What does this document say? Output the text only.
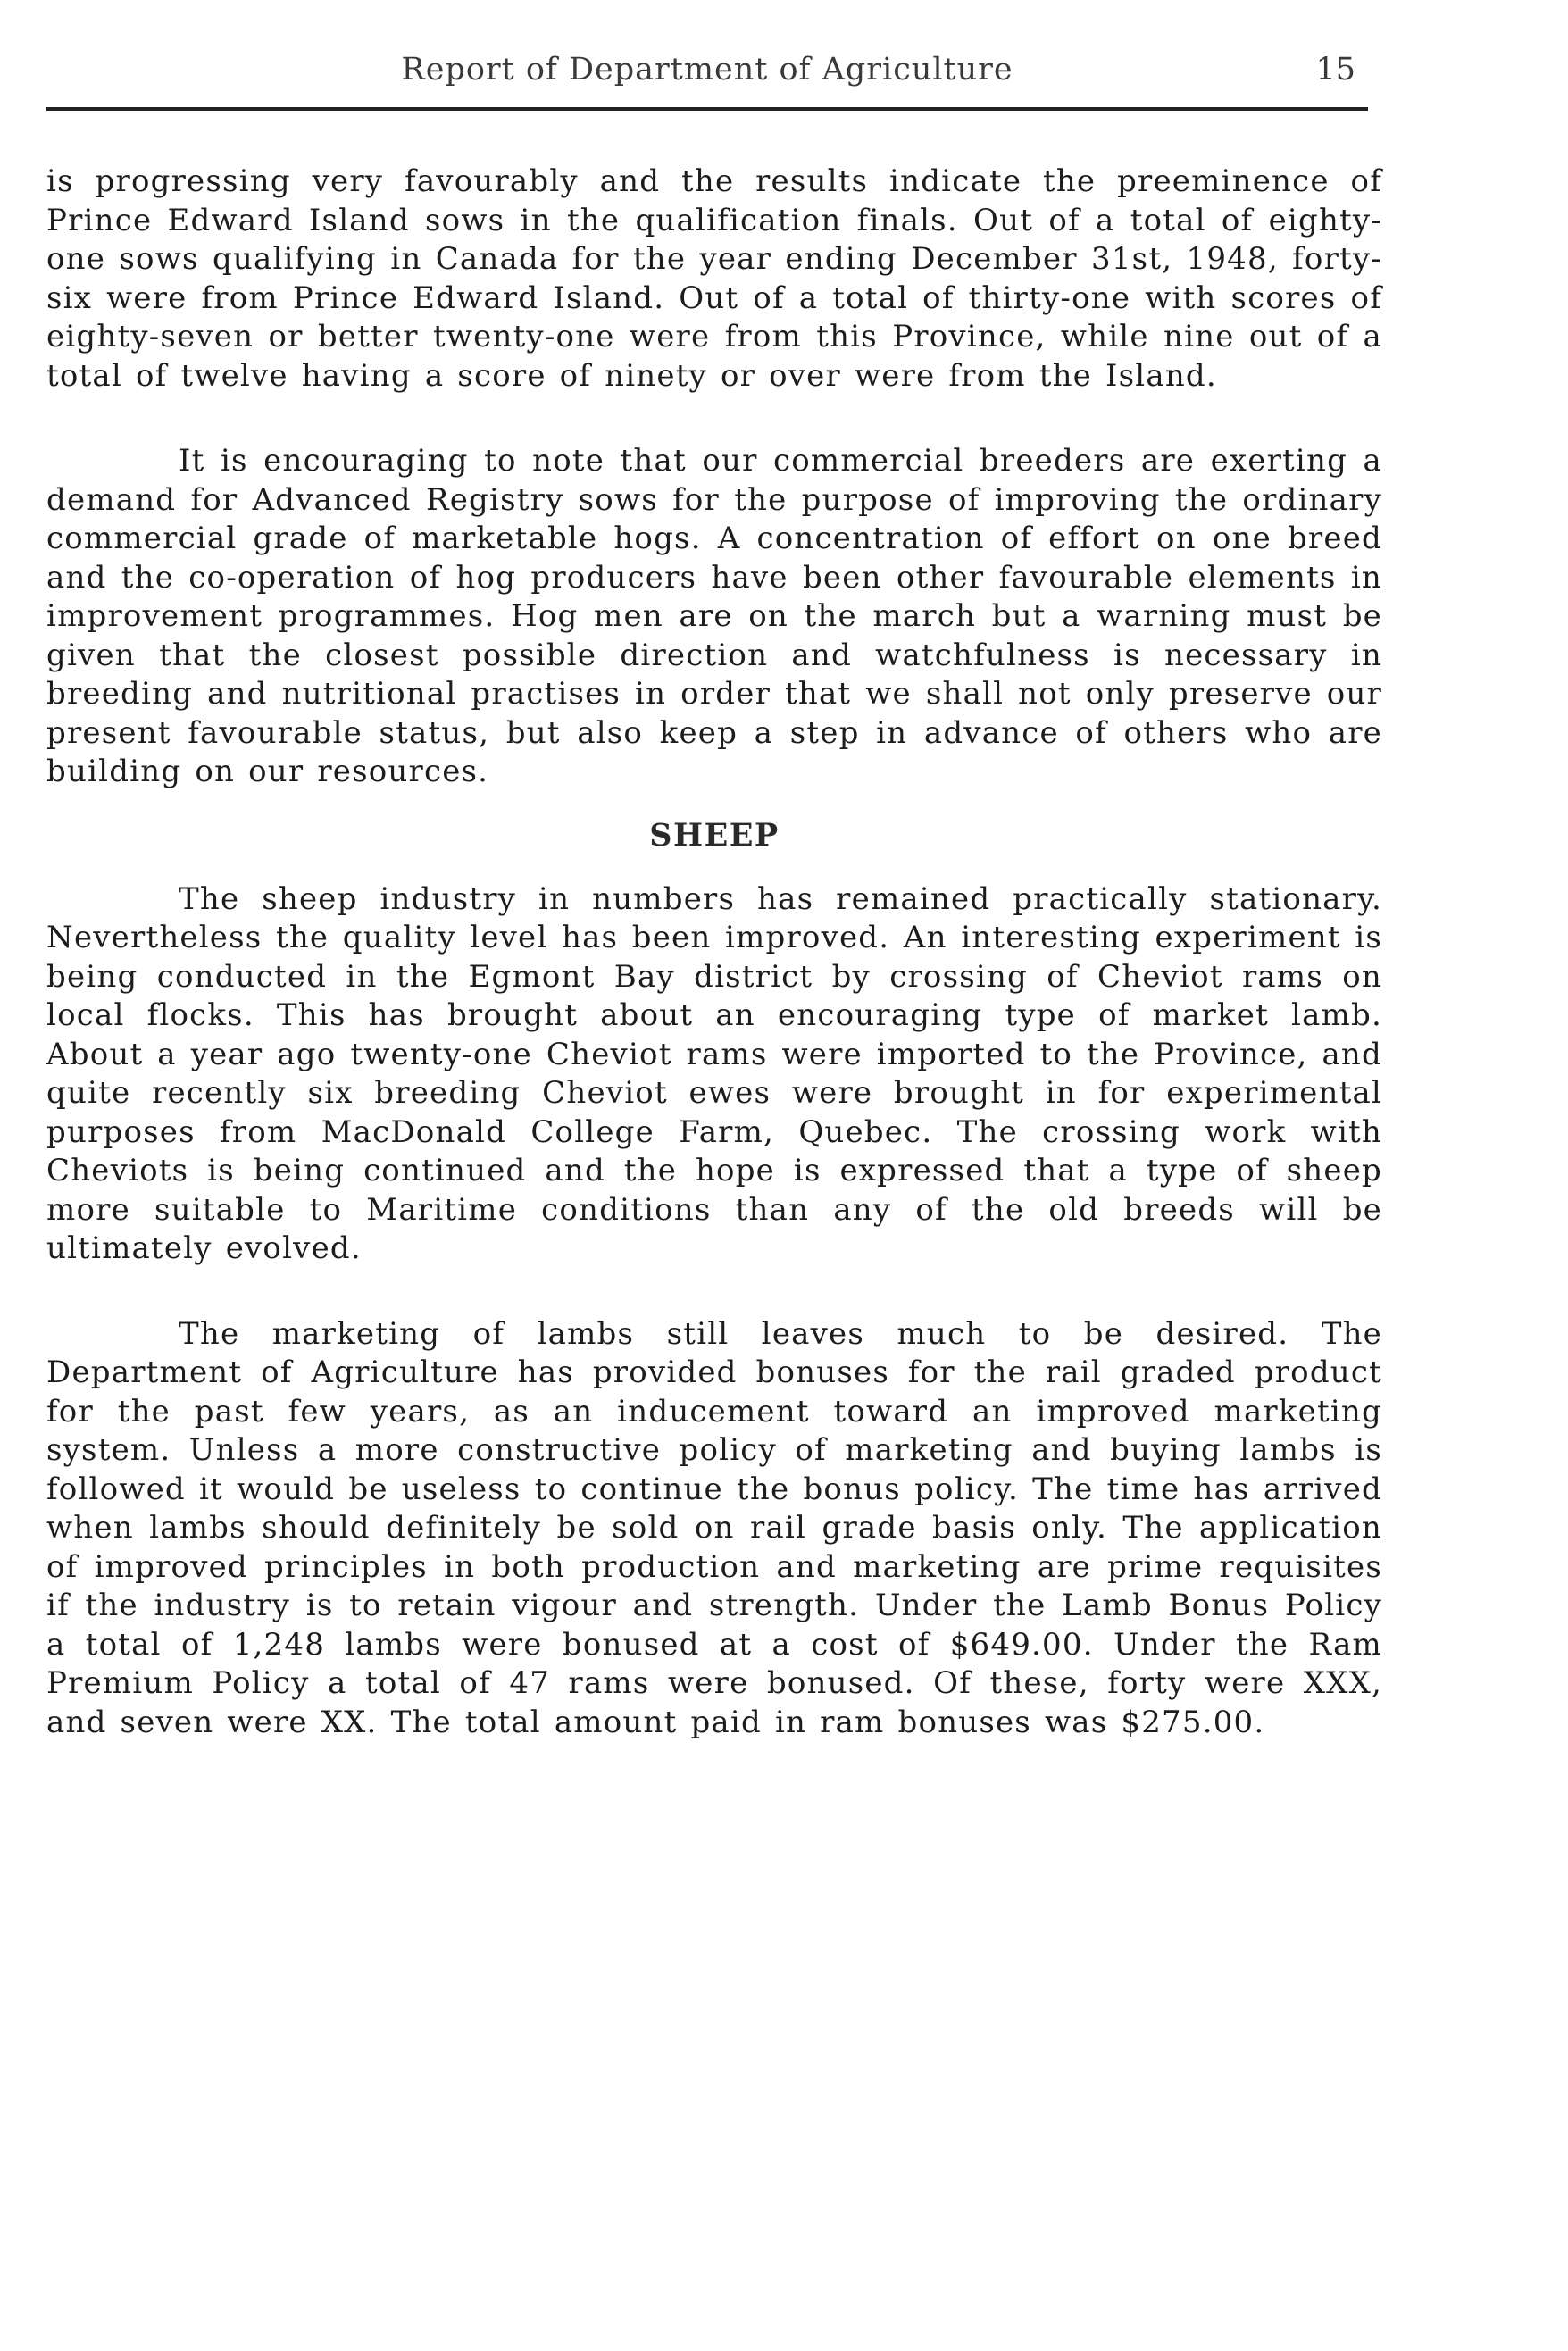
Report of Department of Agriculture	15

is progressing very favourably and the results indicate the preeminence of Prince Edward Island sows in the qualification finals. Out of a total of eighty-one sows qualifying in Canada for the year ending December 31st, 1948, forty-six were from Prince Edward Island. Out of a total of thirty-one with scores of eighty-seven or better twenty-one were from this Province, while nine out of a total of twelve having a score of ninety or over were from the Island.

It is encouraging to note that our commercial breeders are exerting a demand for Advanced Registry sows for the purpose of improving the ordinary commercial grade of marketable hogs. A concentration of effort on one breed and the co-operation of hog producers have been other favourable elements in improvement programmes. Hog men are on the march but a warning must be given that the closest possible direction and watchfulness is necessary in breeding and nutritional practises in order that we shall not only preserve our present favourable status, but also keep a step in advance of others who are building on our resources.

SHEEP

The sheep industry in numbers has remained practically stationary. Nevertheless the quality level has been improved. An interesting experiment is being conducted in the Egmont Bay district by crossing of Cheviot rams on local flocks. This has brought about an encouraging type of market lamb. About a year ago twenty-one Cheviot rams were imported to the Province, and quite recently six breeding Cheviot ewes were brought in for experimental purposes from MacDonald College Farm, Quebec. The crossing work with Cheviots is being continued and the hope is expressed that a type of sheep more suitable to Maritime conditions than any of the old breeds will be ultimately evolved.

The marketing of lambs still leaves much to be desired. The Department of Agriculture has provided bonuses for the rail graded product for the past few years, as an inducement toward an improved marketing system. Unless a more constructive policy of marketing and buying lambs is followed it would be useless to continue the bonus policy. The time has arrived when lambs should definitely be sold on rail grade basis only. The application of improved principles in both production and marketing are prime requisites if the industry is to retain vigour and strength. Under the Lamb Bonus Policy a total of 1,248 lambs were bonused at a cost of $649.00. Under the Ram Premium Policy a total of 47 rams were bonused. Of these, forty were XXX, and seven were XX. The total amount paid in ram bonuses was $275.00.
